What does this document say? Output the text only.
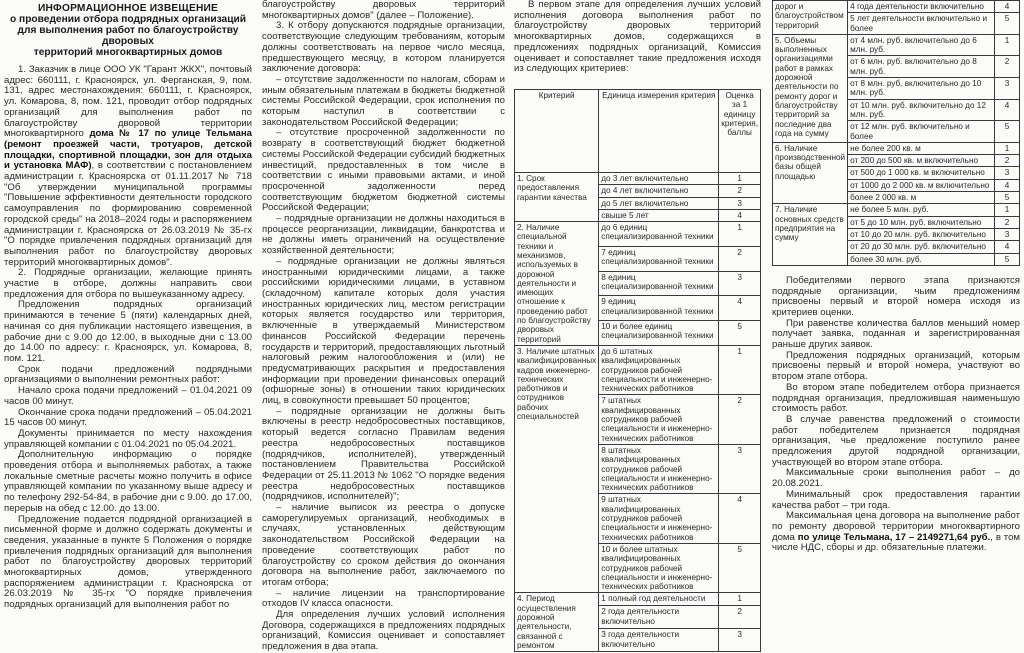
ИНФОРМАЦИОННОЕ ИЗВЕЩЕНИЕ
о проведении отбора подрядных организаций
для выполнения работ по благоустройству дворовых
территорий многоквартирных домов

1. Заказчик в лице ООО УК "Гарант ЖКХ", почтовый адрес: 660111, г. Красноярск, ул. Ферганская, 9, пом. 131, адрес местонахождения: 660111, г. Красноярск, ул. Комарова, 8, пом. 121, проводит отбор подрядных организаций для выполнения работ по благоустройству дворовой территории многоквартирного дома № 17 по улице Тельмана (ремонт проезжей части, тротуаров, детской площадки, спортивной площадки, зон для отдыха и установка МАФ), в соответствии с постановлением администрации г. Красноярска от 01.11.2017 № 718 "Об утверждении муниципальной программы "Повышение эффективности деятельности городского самоуправления по формированию современной городской среды" на 2018–2024 годы и распоряжением администрации г. Красноярска от 26.03.2019 № 35-гх "О порядке привлечения подрядных организаций для выполнения работ по благоустройству дворовых территорий многоквартирных домов".

2. Подрядные организации, желающие принять участие в отборе, должны направить свои предложения для отбора по вышеуказанному адресу.

Предложения подрядных организаций принимаются в течение 5 (пяти) календарных дней, начиная со дня публикации настоящего извещения, в рабочие дни с 9.00 до 12.00, в выходные дни с 13.00 до 14.00 по адресу: г. Красноярск, ул. Комарова, 8, пом. 121.

Срок подачи предложений подрядными организациями о выполнении ремонтных работ:

Начало срока подачи предложений – 01.04.2021 09 часов 00 минут.

Окончание срока подачи предложений – 05.04.2021 15 часов 00 минут.

Документы принимается по месту нахождения управляющей компании с 01.04.2021 по 05.04.2021.

Дополнительную информацию о порядке проведения отбора и выполняемых работах, а также локальные сметные расчеты можно получить в офисе управляющей компании по указанному выше адресу и по телефону 292-54-84, в рабочие дни с 9.00. до 17.00, перерыв на обед с 12.00. до 13.00.

Предложение подается подрядной организацией в письменной форме и должно содержать документы и сведения, указанные в пункте 5 Положения о порядке привлечения подрядных организаций для выполнения работ по благоустройству дворовых территорий многоквартирных домов, утвержденного распоряжением администрации г. Красноярска от 26.03.2019 № 35-гх "О порядке привлечения подрядных организаций для выполнения работ по

благоустройству дворовых территорий многоквартирных домов" (далее – Положение).

3. К отбору допускаются подрядные организации, соответствующие следующим требованиям, которым должны соответствовать на первое число месяца, предшествующего месяцу, в котором планируется заключение договора:

– отсутствие задолженности по налогам, сборам и иным обязательным платежам в бюджеты бюджетной системы Российской Федерации, срок исполнения по которым наступил в соответствии с законодательством Российской Федерации;

– отсутствие просроченной задолженности по возврату в соответствующий бюджет бюджетной системы Российской Федерации субсидий бюджетных инвестиций, предоставленных в том числе в соответствии с иными правовыми актами, и иной просроченной задолженности перед соответствующим бюджетом бюджетной системы Российской Федерации;

– подрядные организации не должны находиться в процессе реорганизации, ликвидации, банкротства и не должны иметь ограничений на осуществление хозяйственной деятельности;

– подрядные организации не должны являться иностранными юридическими лицами, а также российскими юридическими лицами, в уставном (складочном) капитале которых доля участия иностранных юридических лиц, местом регистрации которых является государство или территория, включенные в утверждаемый Министерством финансов Российской Федерации перечень государств и территорий, предоставляющих льготный налоговый режим налогообложения и (или) не предусматривающих раскрытия и предоставления информации при проведении финансовых операций (офшорные зоны) в отношении таких юридических лиц, в совокупности превышает 50 процентов;

– подрядные организации не должны быть включены в реестр недобросовестных поставщиков, который ведется согласно Правилам ведения реестра недобросовестных поставщиков (подрядчиков, исполнителей), утвержденный постановлением Правительства Российской Федерации от 25.11.2013 № 1062 "О порядке ведения реестра недобросовестных поставщиков (подрядчиков, исполнителей)";

– наличие выписок из реестра о допуске саморегулируемых организаций, необходимых в случаях, установленных действующим законодательством Российской Федерации на проведение соответствующих работ по благоустройству со сроком действия до окончания договора на выполнение работ, заключаемого по итогам отбора;

– наличие лицензии на транспортирование отходов IV класса опасности.

Для определения лучших условий исполнения Договора, содержащихся в предложениях подрядных организаций, Комиссия оценивает и сопоставляет предложения в два этапа.

В первом этапе для определения лучших условий исполнения договора выполнения работ по благоустройству дворовых территорий многоквартирных домов, содержащихся в предложениях подрядных организаций, Комиссия оценивает и сопоставляет такие предложения исходя из следующих критериев:

Критерий	Единица измерения критерия	Оценка за 1 единицу критерия, баллы
1. Срок предоставления гарантии качества	до 3 лет включительно	1
	до 4 лет включительно	2
	до 5 лет включительно	3
	свыше 5 лет	4
2. Наличие специальной техники и механизмов, используемых в дорожной деятельности и имеющих отношение к проведению работ по благоустройству дворовых территорий	до 6 единиц специализированной техники	1
	7 единиц специализированной техники	2
	8 единиц специализированной техники	3
	9 единиц специализированной техники	4
	10 и более единиц специализированной техники	5
3. Наличие штатных квалифицированных кадров инженерно-технических работников и сотрудников рабочих специальностей	до 6 штатных квалифицированных сотрудников рабочей специальности и инженерно-технических работников	1
	7 штатных квалифицированных сотрудников рабочей специальности и инженерно-технических работников	2
	8 штатных квалифицированных сотрудников рабочей специальности и инженерно-технических работников	3
	9 штатных квалифицированных сотрудников рабочей специальности и инженерно-технических работников	4
	10 и более штатных квалифицированных сотрудников рабочей специальности и инженерно-технических работников	5
4. Период осуществления дорожной деятельности, связанной с ремонтом	1 полный год деятельности	1
	2 года деятельности включительно	2
	3 года деятельности включительно	3
дорог и благоустройством территорий	4 года деятельности включительно	4
	5 лет деятельности включительно и более	5
5. Объемы выполненных организациями работ в рамках дорожной деятельности по ремонту дорог и благоустройству территорий за последние два года на сумму	от 4 млн. руб. включительно до 6 млн. руб.	1
	от 6 млн. руб. включительно до 8 млн. руб.	2
	от 8 млн. руб. включительно до 10 млн. руб.	3
	от 10 млн. руб. включительно до 12 млн. руб.	4
	от 12 млн. руб. включительно и более	5
6. Наличие производственной базы общей площадью	не более 200 кв. м	1
	от 200 до 500 кв. м включительно	2
	от 500 до 1 000 кв. м включительно	3
	от 1000 до 2 000 кв. м включительно	4
	более 2 000 кв. м	5
7. Наличие основных средств предприятия на сумму	не более 5 млн. руб.	1
	от 5 до 10 млн. руб. включительно	2
	от 10 до 20 млн. руб. включительно	3
	от 20 до 30 млн. руб. включительно	4
	более 30 млн. руб.	5

Победителями первого этапа признаются подрядные организации, чьим предложениям присвоены первый и второй номера исходя из критериев оценки.

При равенстве количества баллов меньший номер получает заявка, поданная и зарегистрированная раньше других заявок.

Предложения подрядных организаций, которым присвоены первый и второй номера, участвуют во втором этапе отбора.

Во втором этапе победителем отбора признается подрядная организация, предложившая наименьшую стоимость работ.

В случае равенства предложений о стоимости работ победителем признается подрядная организация, чье предложение поступило ранее предложения другой подрядной организации, участвующей во втором этапе отбора.

Максимальные сроки выполнения работ – до 20.08.2021.

Минимальный срок предоставления гарантии качества работ – три года.

Максимальная цена договора на выполнение работ по ремонту дворовой территории многоквартирного дома по улице Тельмана, 17 – 2149271,64 руб., в том числе НДС, сборы и др. обязательные платежи.
